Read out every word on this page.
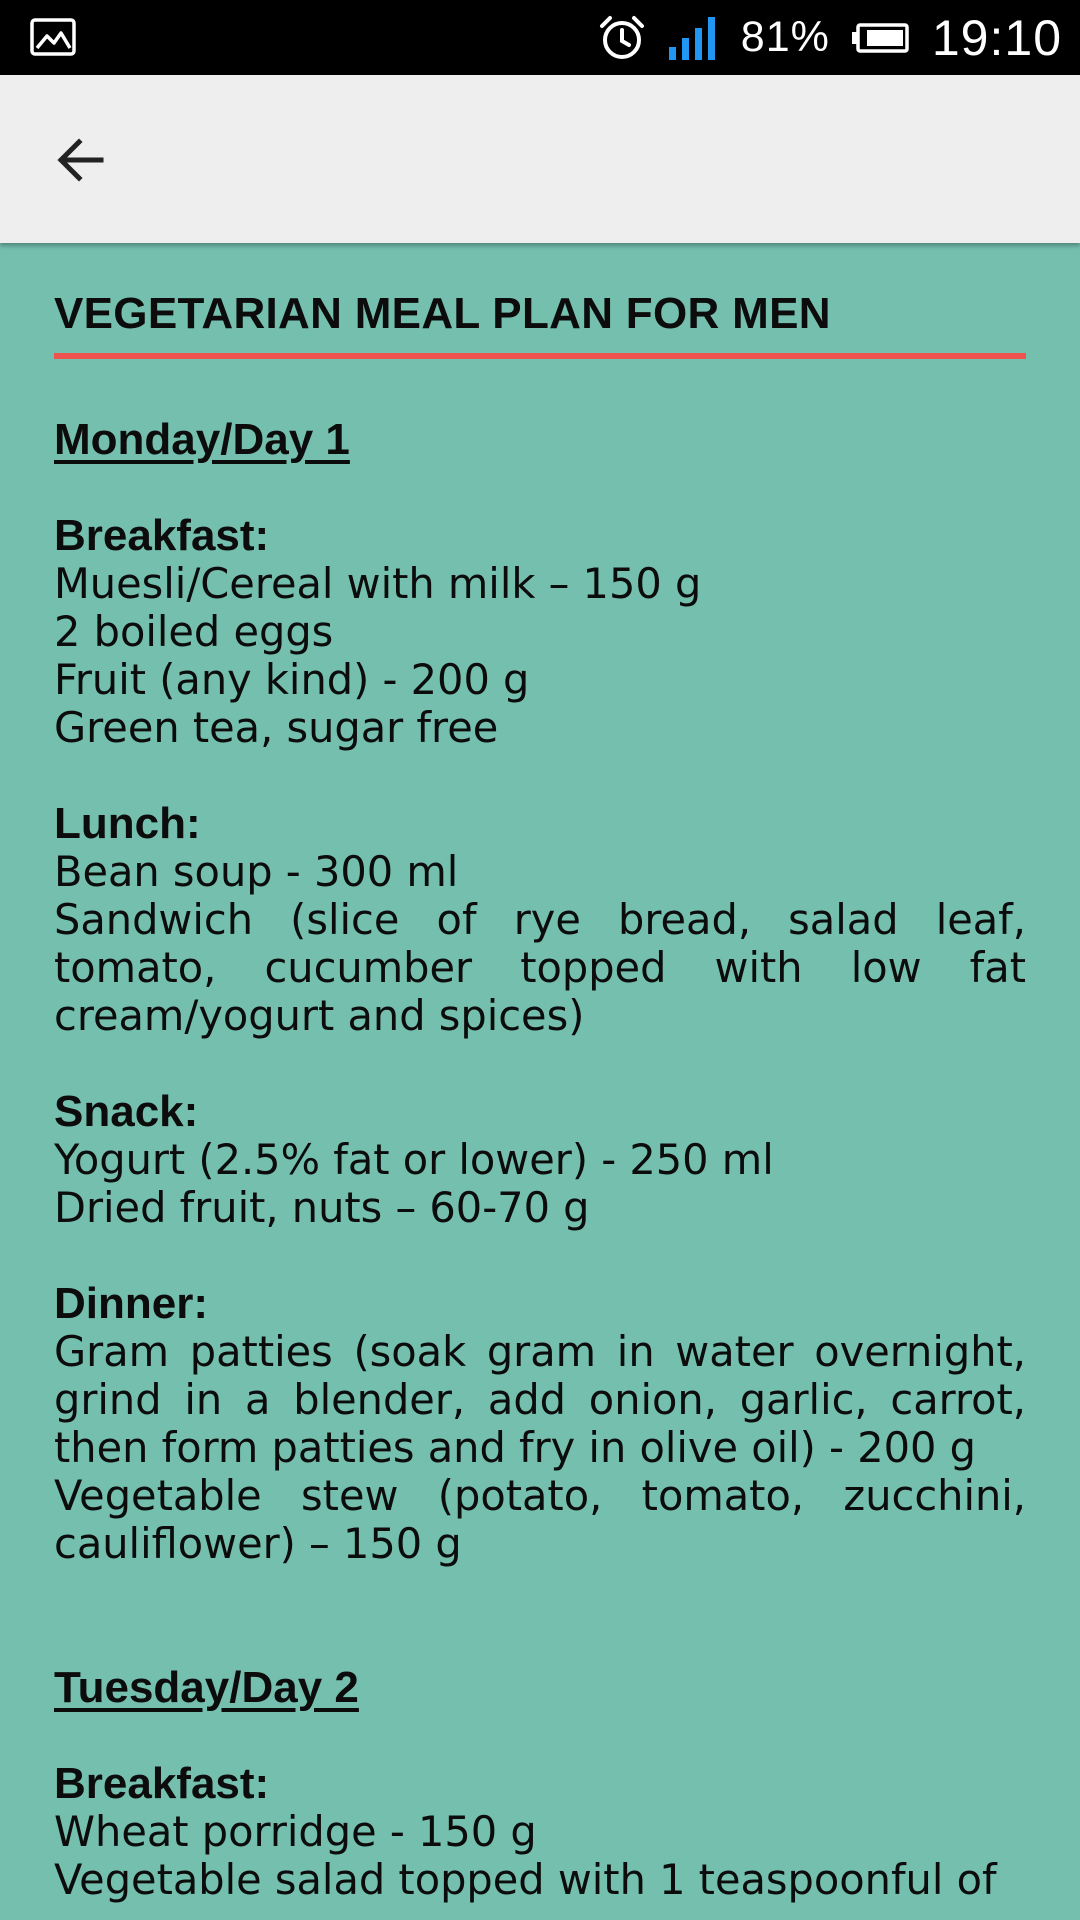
81% 19:10
VEGETARIAN MEAL PLAN FOR MEN
Monday/Day 1
Breakfast:
Muesli/Cereal with milk – 150 g
2 boiled eggs
Fruit (any kind) - 200 g
Green tea, sugar free
Lunch:
Bean soup - 300 ml
Sandwich (slice of rye bread, salad leaf, tomato, cucumber topped with low fat cream/yogurt and spices)
Snack:
Yogurt (2.5% fat or lower) - 250 ml
Dried fruit, nuts – 60-70 g
Dinner:
Gram patties (soak gram in water overnight, grind in a blender, add onion, garlic, carrot, then form patties and fry in olive oil) - 200 g
Vegetable stew (potato, tomato, zucchini, cauliflower) – 150 g
Tuesday/Day 2
Breakfast:
Wheat porridge - 150 g
Vegetable salad topped with 1 teaspoonful of
